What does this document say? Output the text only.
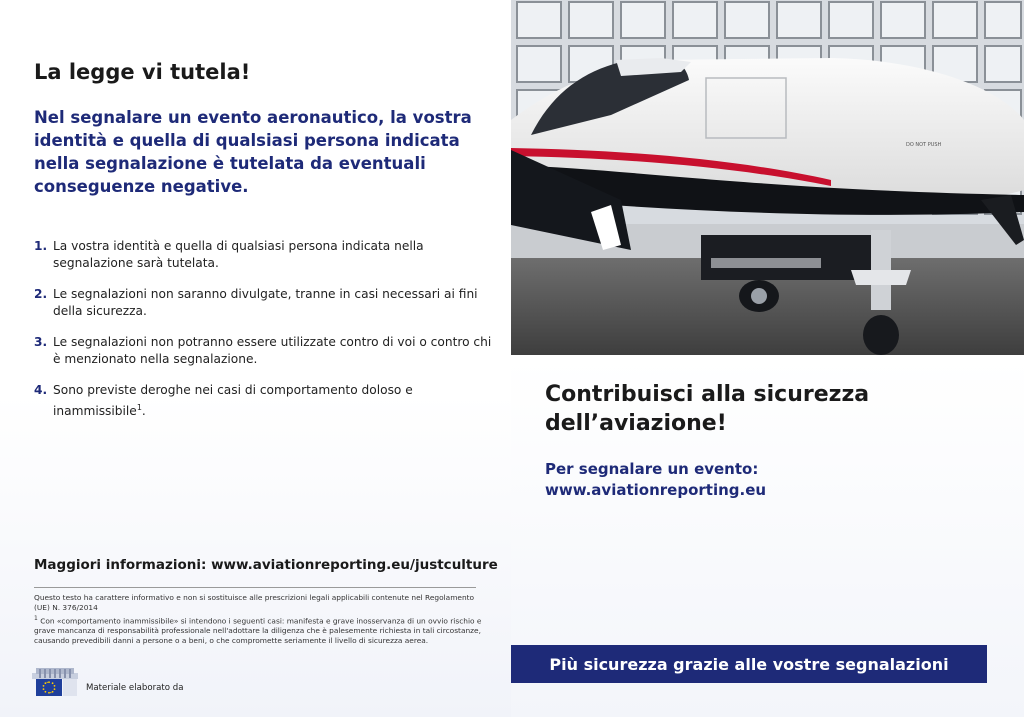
La legge vi tutela!

Nel segnalare un evento aeronautico, la vostra identità e quella di qualsiasi persona indicata nella segnalazione è tutelata da eventuali conseguenze negative.

1. La vostra identità e quella di qualsiasi persona indicata nella segnalazione sarà tutelata.
2. Le segnalazioni non saranno divulgate, tranne in casi necessari ai fini della sicurezza.
3. Le segnalazioni non potranno essere utilizzate contro di voi o contro chi è menzionato nella segnalazione.
4. Sono previste deroghe nei casi di comportamento doloso e inammissibile$^1$.
Maggiori informazioni: www.aviationreporting.eu/justculture

Questo testo ha carattere informativo e non si sostituisce alle prescrizioni legali applicabili contenute nel Regolamento (UE) N. 376/2014

$^1$ Con «comportamento inammissibile» si intendono i seguenti casi: manifesta e grave inosservanza di un ovvio rischio e grave mancanza di responsabilità professionale nell'adottare la diligenza che è palesemente richiesta in tali circostanze, causando prevedibili danni a persone o a beni, o che compromette seriamente il livello di sicurezza aerea.

Materiale elaborato da
DO NOT PUSH
Contribuisci alla sicurezza dell’aviazione!
Per segnalare un evento:
www.aviationreporting.eu
Più sicurezza grazie alle vostre segnalazioni
